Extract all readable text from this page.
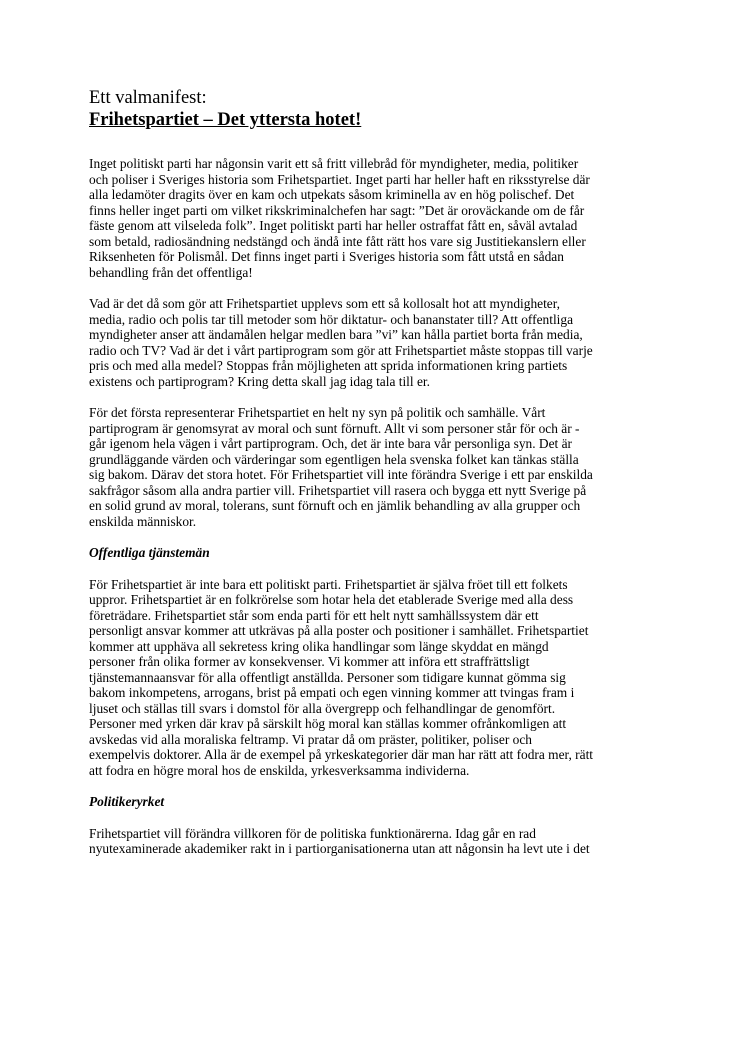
Ett valmanifest:

Frihetspartiet – Det yttersta hotet!

Inget politiskt parti har någonsin varit ett så fritt villebråd för myndigheter, media, politiker
och poliser i Sveriges historia som Frihetspartiet. Inget parti har heller haft en riksstyrelse där
alla ledamöter dragits över en kam och utpekats såsom kriminella av en hög polischef. Det
finns heller inget parti om vilket rikskriminalchefen har sagt: ”Det är oroväckande om de får
fäste genom att vilseleda folk”. Inget politiskt parti har heller ostraffat fått en, såväl avtalad
som betald, radiosändning nedstängd och ändå inte fått rätt hos vare sig Justitiekanslern eller
Riksenheten för Polismål. Det finns inget parti i Sveriges historia som fått utstå en sådan
behandling från det offentliga!

Vad är det då som gör att Frihetspartiet upplevs som ett så kollosalt hot att myndigheter,
media, radio och polis tar till metoder som hör diktatur- och bananstater till? Att offentliga
myndigheter anser att ändamålen helgar medlen bara ”vi” kan hålla partiet borta från media,
radio och TV? Vad är det i vårt partiprogram som gör att Frihetspartiet måste stoppas till varje
pris och med alla medel? Stoppas från möjligheten att sprida informationen kring partiets
existens och partiprogram? Kring detta skall jag idag tala till er.

För det första representerar Frihetspartiet en helt ny syn på politik och samhälle. Vårt
partiprogram är genomsyrat av moral och sunt förnuft. Allt vi som personer står för och är -
går igenom hela vägen i vårt partiprogram. Och, det är inte bara vår personliga syn. Det är
grundläggande värden och värderingar som egentligen hela svenska folket kan tänkas ställa
sig bakom. Därav det stora hotet. För Frihetspartiet vill inte förändra Sverige i ett par enskilda
sakfrågor såsom alla andra partier vill. Frihetspartiet vill rasera och bygga ett nytt Sverige på
en solid grund av moral, tolerans, sunt förnuft och en jämlik behandling av alla grupper och
enskilda människor.

Offentliga tjänstemän

För Frihetspartiet är inte bara ett politiskt parti. Frihetspartiet är själva fröet till ett folkets
uppror. Frihetspartiet är en folkrörelse som hotar hela det etablerade Sverige med alla dess
företrädare. Frihetspartiet står som enda parti för ett helt nytt samhällssystem där ett
personligt ansvar kommer att utkrävas på alla poster och positioner i samhället. Frihetspartiet
kommer att upphäva all sekretess kring olika handlingar som länge skyddat en mängd
personer från olika former av konsekvenser. Vi kommer att införa ett straffrättsligt
tjänstemannaansvar för alla offentligt anställda. Personer som tidigare kunnat gömma sig
bakom inkompetens, arrogans, brist på empati och egen vinning kommer att tvingas fram i
ljuset och ställas till svars i domstol för alla övergrepp och felhandlingar de genomfört.
Personer med yrken där krav på särskilt hög moral kan ställas kommer ofrånkomligen att
avskedas vid alla moraliska feltramp. Vi pratar då om präster, politiker, poliser och
exempelvis doktorer. Alla är de exempel på yrkeskategorier där man har rätt att fodra mer, rätt
att fodra en högre moral hos de enskilda, yrkesverksamma individerna.

Politikeryrket

Frihetspartiet vill förändra villkoren för de politiska funktionärerna. Idag går en rad
nyutexaminerade akademiker rakt in i partiorganisationerna utan att någonsin ha levt ute i det
